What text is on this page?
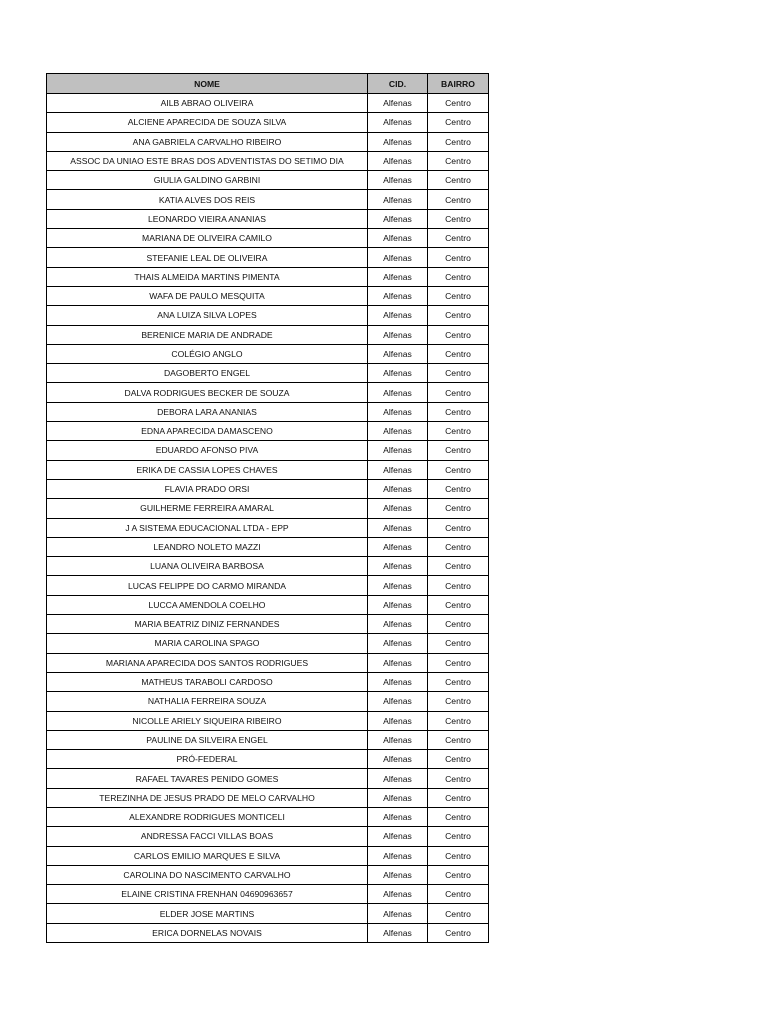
NOME	CID.	BAIRRO
AILB ABRAO OLIVEIRA	Alfenas	Centro
ALCIENE APARECIDA DE SOUZA SILVA	Alfenas	Centro
ANA GABRIELA CARVALHO RIBEIRO	Alfenas	Centro
ASSOC DA UNIAO ESTE BRAS DOS ADVENTISTAS DO SETIMO DIA	Alfenas	Centro
GIULIA GALDINO GARBINI	Alfenas	Centro
KATIA ALVES DOS REIS	Alfenas	Centro
LEONARDO VIEIRA ANANIAS	Alfenas	Centro
MARIANA DE OLIVEIRA CAMILO	Alfenas	Centro
STEFANIE LEAL DE OLIVEIRA	Alfenas	Centro
THAIS ALMEIDA MARTINS PIMENTA	Alfenas	Centro
WAFA DE PAULO MESQUITA	Alfenas	Centro
ANA LUIZA SILVA LOPES	Alfenas	Centro
BERENICE MARIA DE ANDRADE	Alfenas	Centro
COLÉGIO ANGLO	Alfenas	Centro
DAGOBERTO ENGEL	Alfenas	Centro
DALVA RODRIGUES BECKER DE SOUZA	Alfenas	Centro
DEBORA LARA ANANIAS	Alfenas	Centro
EDNA APARECIDA DAMASCENO	Alfenas	Centro
EDUARDO AFONSO PIVA	Alfenas	Centro
ERIKA DE CASSIA LOPES CHAVES	Alfenas	Centro
FLAVIA PRADO ORSI	Alfenas	Centro
GUILHERME FERREIRA AMARAL	Alfenas	Centro
J A SISTEMA EDUCACIONAL LTDA - EPP	Alfenas	Centro
LEANDRO NOLETO MAZZI	Alfenas	Centro
LUANA OLIVEIRA BARBOSA	Alfenas	Centro
LUCAS FELIPPE DO CARMO MIRANDA	Alfenas	Centro
LUCCA AMENDOLA COELHO	Alfenas	Centro
MARIA BEATRIZ DINIZ FERNANDES	Alfenas	Centro
MARIA CAROLINA SPAGO	Alfenas	Centro
MARIANA APARECIDA DOS SANTOS RODRIGUES	Alfenas	Centro
MATHEUS TARABOLI CARDOSO	Alfenas	Centro
NATHALIA FERREIRA SOUZA	Alfenas	Centro
NICOLLE ARIELY SIQUEIRA RIBEIRO	Alfenas	Centro
PAULINE DA SILVEIRA ENGEL	Alfenas	Centro
PRÓ-FEDERAL	Alfenas	Centro
RAFAEL TAVARES PENIDO GOMES	Alfenas	Centro
TEREZINHA DE JESUS PRADO DE MELO CARVALHO	Alfenas	Centro
ALEXANDRE RODRIGUES MONTICELI	Alfenas	Centro
ANDRESSA FACCI VILLAS BOAS	Alfenas	Centro
CARLOS EMILIO MARQUES E SILVA	Alfenas	Centro
CAROLINA DO NASCIMENTO CARVALHO	Alfenas	Centro
ELAINE CRISTINA FRENHAN 04690963657	Alfenas	Centro
ELDER JOSE MARTINS	Alfenas	Centro
ERICA DORNELAS NOVAIS	Alfenas	Centro
